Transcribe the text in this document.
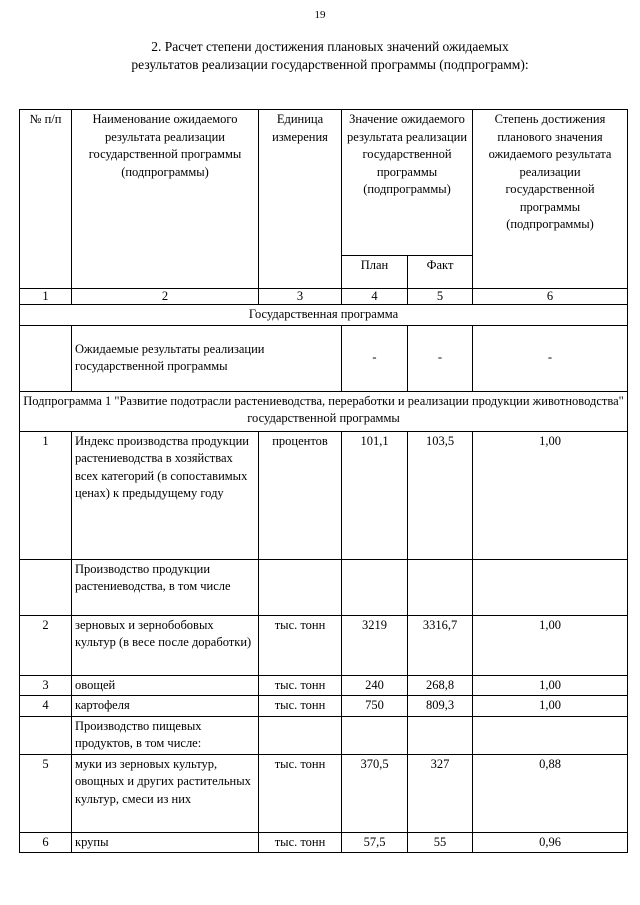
19
2. Расчет степени достижения плановых значений ожидаемых результатов реализации государственной программы (подпрограмм):
№ п/п	Наименование ожидаемого результата реализации государственной программы (подпрограммы)	Единица измерения	Значение ожидаемого результата реализации государственной программы (подпрограммы)		Степень достижения планового значения ожидаемого результата реализации государственной программы (подпрограммы)
			План	Факт	
1	2	3	4	5	6
Государственная программа					
	Ожидаемые результаты реализации государственной программы		-	-	-
Подпрограмма 1 "Развитие подотрасли растениеводства, переработки и реализации продукции животноводства" государственной программы					
1	Индекс производства продукции растениеводства в хозяйствах всех категорий (в сопоставимых ценах) к предыдущему году	процентов	101,1	103,5	1,00
	Производство продукции растениеводства, в том числе				
2	зерновых и зернобобовых культур (в весе после доработки)	тыс. тонн	3219	3316,7	1,00
3	овощей	тыс. тонн	240	268,8	1,00
4	картофеля	тыс. тонн	750	809,3	1,00
	Производство пищевых продуктов, в том числе:				
5	муки из зерновых культур, овощных и других растительных культур, смеси из них	тыс. тонн	370,5	327	0,88
6	крупы	тыс. тонн	57,5	55	0,96
